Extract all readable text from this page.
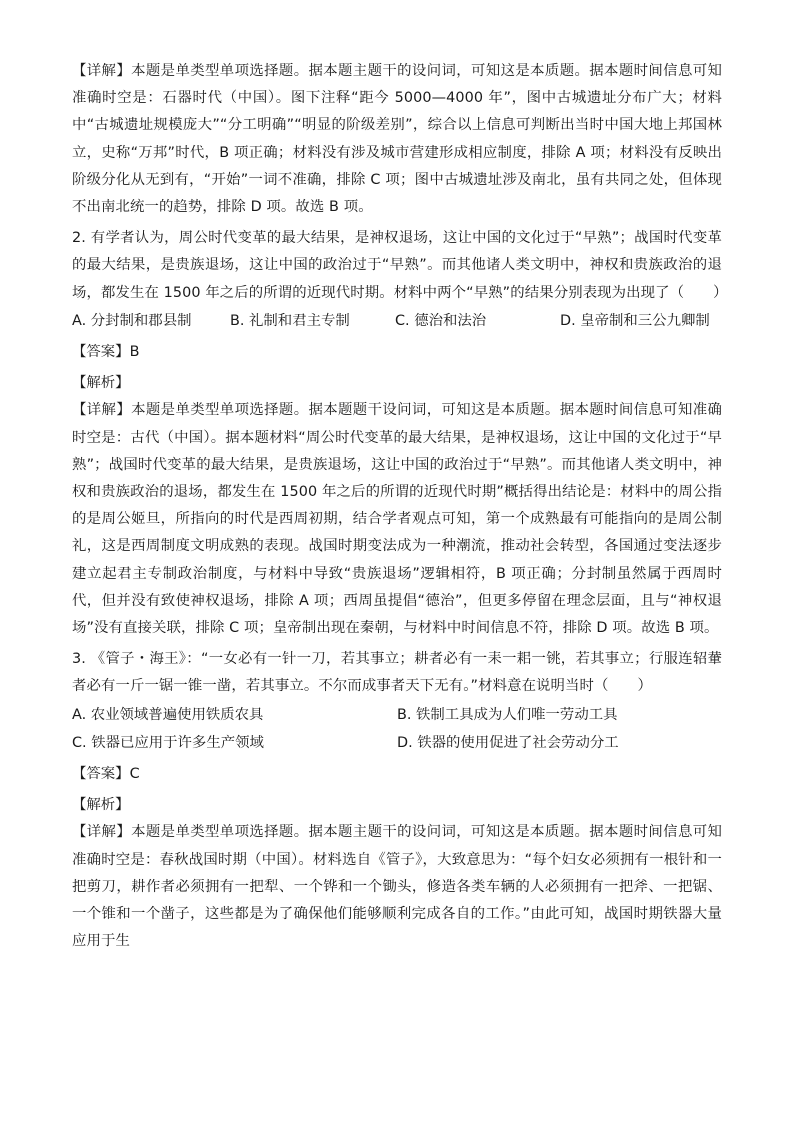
【详解】本题是单类型单项选择题。据本题主题干的设问词，可知这是本质题。据本题时间信息可知准确时空是：石器时代（中国）。图下注释“距今 5000—4000 年”，图中古城遗址分布广大；材料中“古城遗址规模庞大”“分工明确”“明显的阶级差别”，综合以上信息可判断出当时中国大地上邦国林立，史称“万邦”时代，B 项正确；材料没有涉及城市营建形成相应制度，排除 A 项；材料没有反映出阶级分化从无到有，“开始”一词不准确，排除 C 项；图中古城遗址涉及南北，虽有共同之处，但体现不出南北统一的趋势，排除 D 项。故选 B 项。

2. 有学者认为，周公时代变革的最大结果，是神权退场，这让中国的文化过于“早熟”；战国时代变革的最大结果，是贵族退场，这让中国的政治过于“早熟”。而其他诸人类文明中，神权和贵族政治的退场，都发生在 1500 年之后的所谓的近现代时期。材料中两个“早熟”的结果分别表现为出现了（　　）

A. 分封制和郡县制	B. 礼制和君主专制	C. 德治和法治	D. 皇帝制和三公九卿制

【答案】B

【解析】

【详解】本题是单类型单项选择题。据本题题干设问词，可知这是本质题。据本题时间信息可知准确时空是：古代（中国）。据本题材料“周公时代变革的最大结果，是神权退场，这让中国的文化过于“早熟”；战国时代变革的最大结果，是贵族退场，这让中国的政治过于“早熟”。而其他诸人类文明中，神权和贵族政治的退场，都发生在 1500 年之后的所谓的近现代时期”概括得出结论是：材料中的周公指的是周公姬旦，所指向的时代是西周初期，结合学者观点可知，第一个成熟最有可能指向的是周公制礼，这是西周制度文明成熟的表现。战国时期变法成为一种潮流，推动社会转型，各国通过变法逐步建立起君主专制政治制度，与材料中导致“贵族退场”逻辑相符，B 项正确；分封制虽然属于西周时代，但并没有致使神权退场，排除 A 项；西周虽提倡“德治”，但更多停留在理念层面，且与“神权退场”没有直接关联，排除 C 项；皇帝制出现在秦朝，与材料中时间信息不符，排除 D 项。故选 B 项。

3. 《管子・海王》：“一女必有一针一刀，若其事立；耕者必有一耒一耜一铫，若其事立；行服连轺輂者必有一斤一锯一锥一凿，若其事立。不尔而成事者天下无有。”材料意在说明当时（　　）

A. 农业领域普遍使用铁质农具	B. 铁制工具成为人们唯一劳动工具
C. 铁器已应用于许多生产领域	D. 铁器的使用促进了社会劳动分工

【答案】C

【解析】

【详解】本题是单类型单项选择题。据本题主题干的设问词，可知这是本质题。据本题时间信息可知准确时空是：春秋战国时期（中国）。材料选自《管子》，大致意思为：“每个妇女必须拥有一根针和一把剪刀，耕作者必须拥有一把犁、一个铧和一个锄头，修造各类车辆的人必须拥有一把斧、一把锯、一个锥和一个凿子，这些都是为了确保他们能够顺利完成各自的工作。”由此可知，战国时期铁器大量应用于生
